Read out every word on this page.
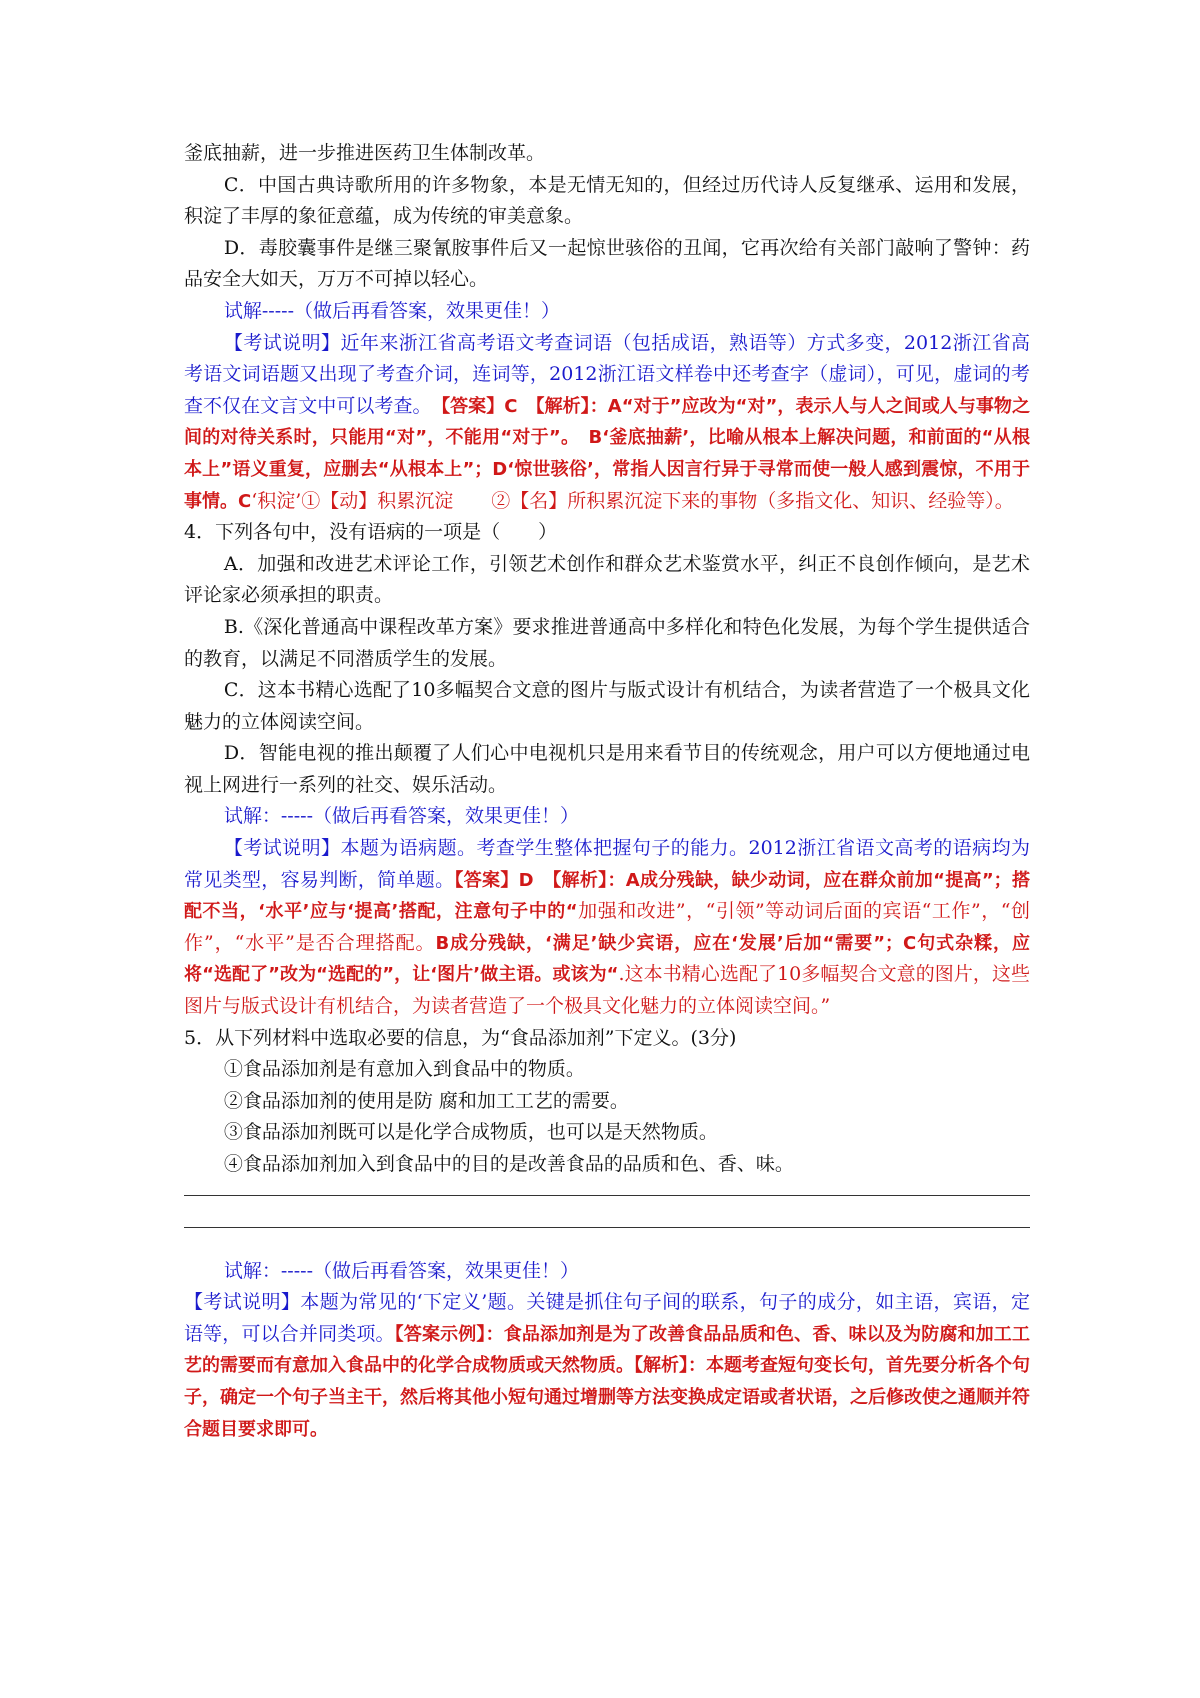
釜底抽薪，进一步推进医药卫生体制改革。

C．中国古典诗歌所用的许多物象，本是无情无知的，但经过历代诗人反复继承、运用和发展，积淀了丰厚的象征意蕴，成为传统的审美意象。

D．毒胶囊事件是继三聚氰胺事件后又一起惊世骇俗的丑闻，它再次给有关部门敲响了警钟：药品安全大如天，万万不可掉以轻心。

试解-----（做后再看答案，效果更佳！）

【考试说明】近年来浙江省高考语文考查词语（包括成语，熟语等）方式多变，2012浙江省高考语文词语题又出现了考查介词，连词等，2012浙江语文样卷中还考查字（虚词），可见，虚词的考查不仅在文言文中可以考查。　 【答案】C　【解析】：A“对于”应改为“对”，表示人与人之间或人与事物之间的对待关系时，只能用“对”，不能用“对于”。　B‘釜底抽薪’，比喻从根本上解决问题，和前面的“从根本上”语义重复，应删去“从根本上”；D‘惊世骇俗’，常指人因言行异于寻常而使一般人感到震惊，不用于事情。C‘积淀’①【动】积累沉淀　　②【名】所积累沉淀下来的事物（多指文化、知识、经验等）。

4．下列各句中，没有语病的一项是（　　）

A．加强和改进艺术评论工作，引领艺术创作和群众艺术鉴赏水平，纠正不良创作倾向，是艺术评论家必须承担的职责。

B.《深化普通高中课程改革方案》要求推进普通高中多样化和特色化发展，为每个学生提供适合的教育，以满足不同潜质学生的发展。

C．这本书精心选配了10多幅契合文意的图片与版式设计有机结合，为读者营造了一个极具文化魅力的立体阅读空间。

D．智能电视的推出颠覆了人们心中电视机只是用来看节目的传统观念，用户可以方便地通过电视上网进行一系列的社交、娱乐活动。

试解：-----（做后再看答案，效果更佳！）

【考试说明】本题为语病题。考查学生整体把握句子的能力。2012浙江省语文高考的语病均为常见类型，容易判断，简单题。【答案】D　【解析】：A成分残缺，缺少动词，应在群众前加“提高”；搭配不当，‘水平’应与‘提高’搭配，注意句子中的“加强和改进”，“引领”等动词后面的宾语“工作”，“创作”，“水平”是否合理搭配。B成分残缺，‘满足’缺少宾语，应在‘发展’后加“需要”；C句式杂糅，应将“选配了”改为“选配的”，让‘图片’做主语。或该为“.这本书精心选配了10多幅契合文意的图片，这些图片与版式设计有机结合，为读者营造了一个极具文化魅力的立体阅读空间。”

5．从下列材料中选取必要的信息，为“食品添加剂”下定义。(3分)

①食品添加剂是有意加入到食品中的物质。

②食品添加剂的使用是防 腐和加工工艺的需要。

③食品添加剂既可以是化学合成物质，也可以是天然物质。

④食品添加剂加入到食品中的目的是改善食品的品质和色、香、味。

试解：-----（做后再看答案，效果更佳！）

【考试说明】本题为常见的‘下定义’题。关键是抓住句子间的联系，句子的成分，如主语，宾语，定语等，可以合并同类项。【答案示例】：食品添加剂是为了改善食品品质和色、香、味以及为防腐和加工工艺的需要而有意加入食品中的化学合成物质或天然物质。【解析】：本题考查短句变长句，首先要分析各个句子，确定一个句子当主干，然后将其他小短句通过增删等方法变换成定语或者状语，之后修改使之通顺并符合题目要求即可。
